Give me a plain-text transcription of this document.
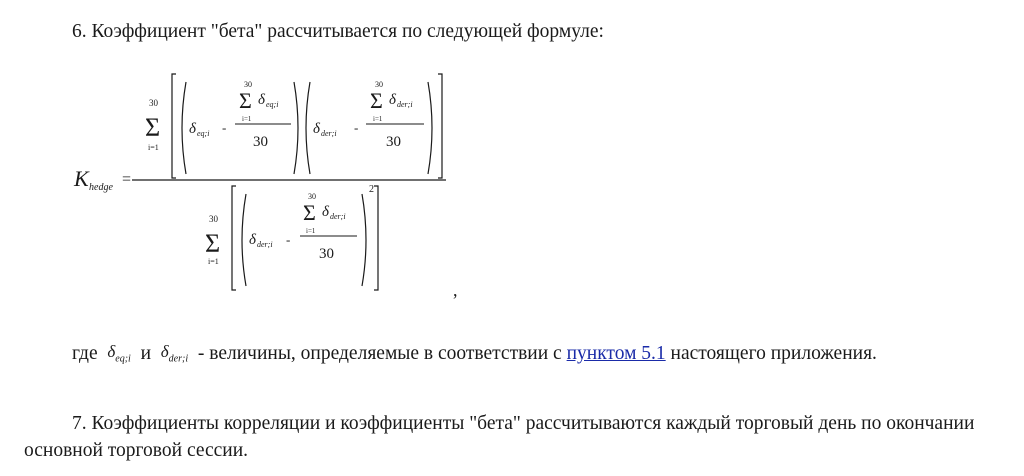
6. Коэффициент "бета" рассчитывается по следующей формуле:

K hedge =
30
Σ
i=1
δ eq;i -
30
Σ
i=1
δ eq;i
30
δ der;i -
30
Σ
i=1
δ der;i
30
30
Σ
i=1
2
δ der;i -
30
Σ
i=1
δ der;i
30
,

где $\delta_{eq;i}$ и $\delta_{der;i}$ - величины, определяемые в соответствии с пунктом 5.1 настоящего приложения.

7. Коэффициенты корреляции и коэффициенты "бета" рассчитываются каждый торговый день по окончании основной торговой сессии.
